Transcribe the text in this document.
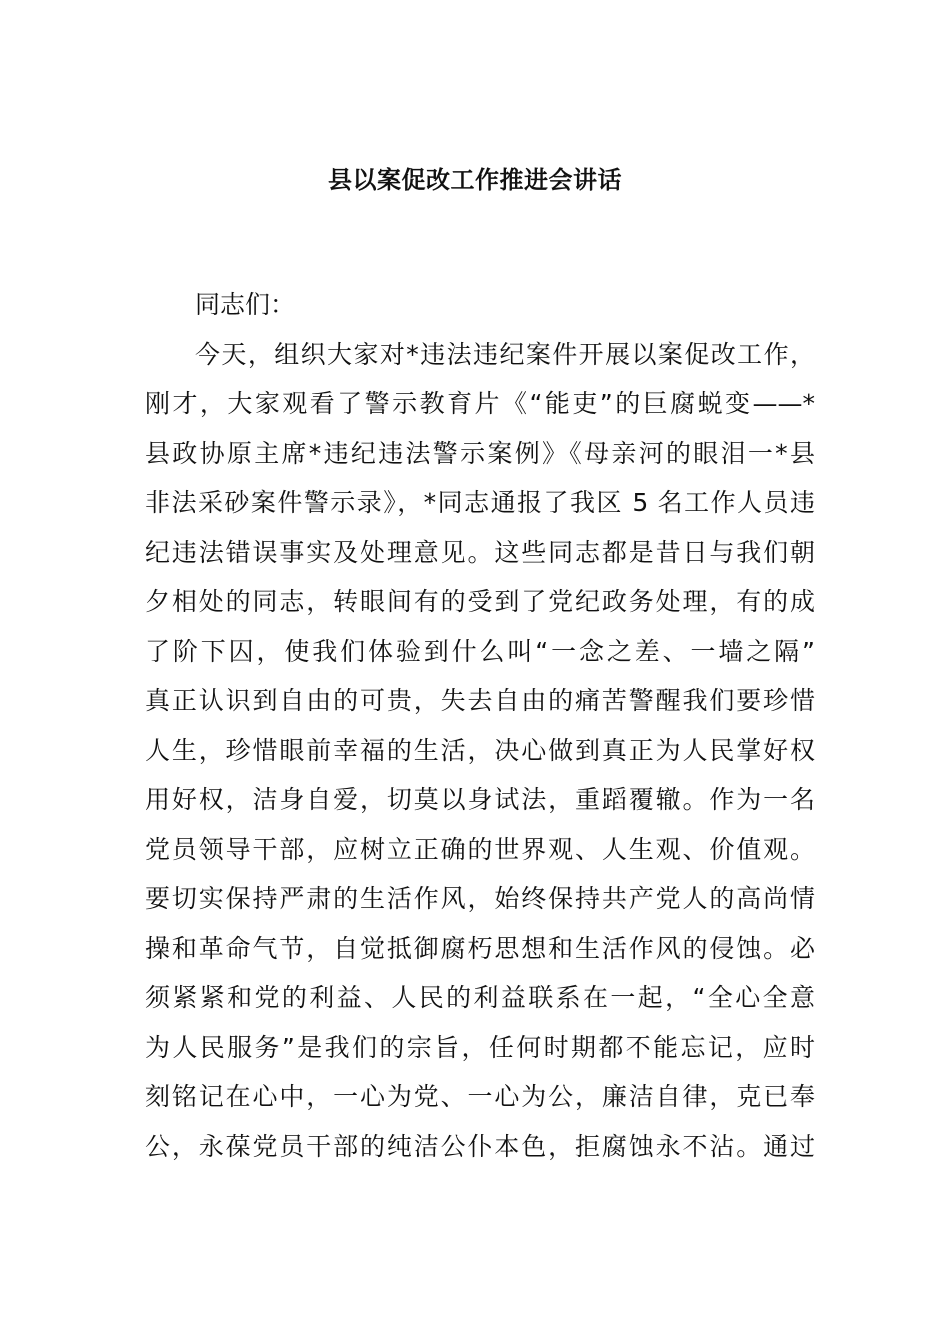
县以案促改工作推进会讲话
同志们：
今天，组织大家对*违法违纪案件开展以案促改工作，
刚才，大家观看了警示教育片《“能吏”的巨腐蜕变——*
县政协原主席*违纪违法警示案例》《母亲河的眼泪一*县
非法采砂案件警示录》，*同志通报了我区 5 名工作人员违
纪违法错误事实及处理意见。这些同志都是昔日与我们朝
夕相处的同志，转眼间有的受到了党纪政务处理，有的成
了阶下囚，使我们体验到什么叫“一念之差、一墙之隔”
真正认识到自由的可贵，失去自由的痛苦警醒我们要珍惜
人生，珍惜眼前幸福的生活，决心做到真正为人民掌好权
用好权，洁身自爱，切莫以身试法，重蹈覆辙。作为一名
党员领导干部，应树立正确的世界观、人生观、价值观。
要切实保持严肃的生活作风，始终保持共产党人的高尚情
操和革命气节，自觉抵御腐朽思想和生活作风的侵蚀。必
须紧紧和党的利益、人民的利益联系在一起，“全心全意
为人民服务”是我们的宗旨，任何时期都不能忘记，应时
刻铭记在心中，一心为党、一心为公，廉洁自律，克已奉
公，永葆党员干部的纯洁公仆本色，拒腐蚀永不沾。通过
